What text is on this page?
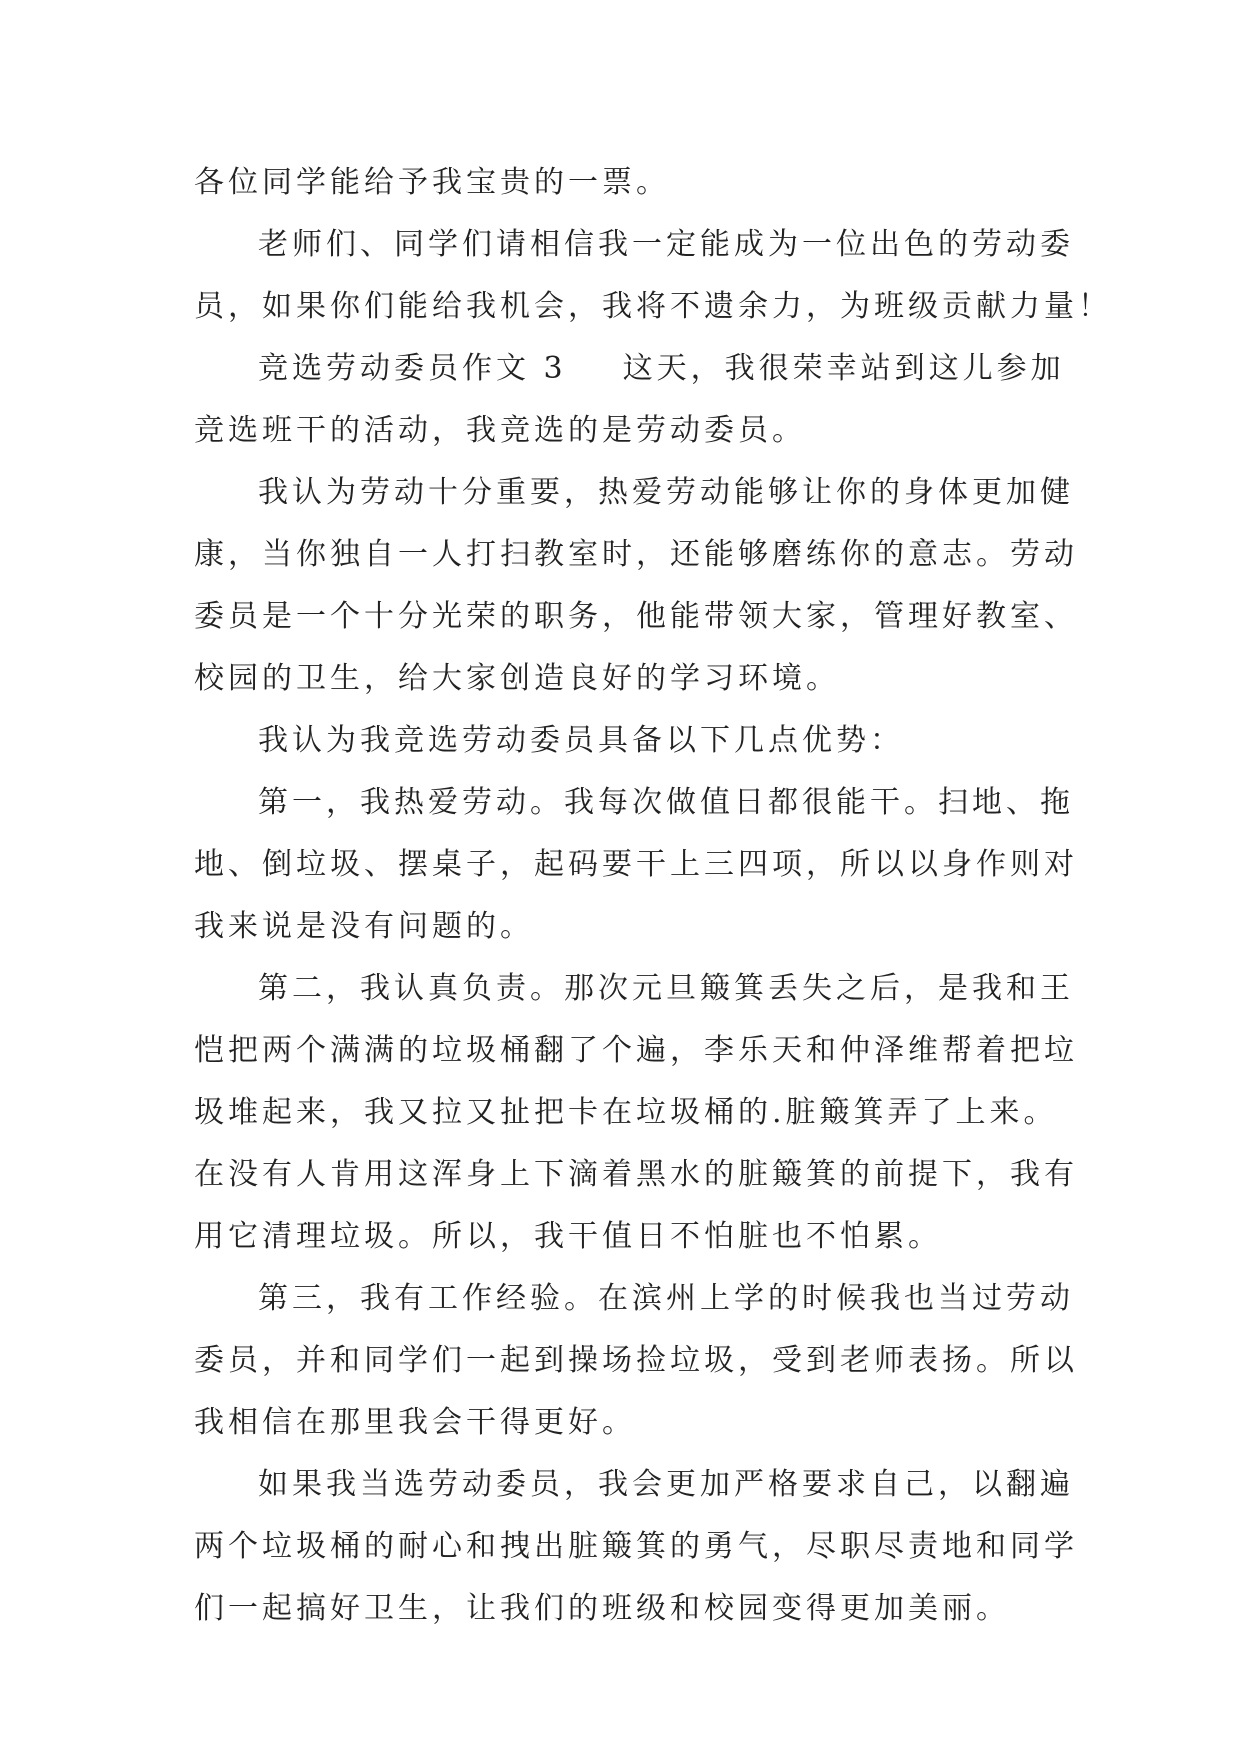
各位同学能给予我宝贵的一票。
老师们、同学们请相信我一定能成为一位出色的劳动委
员，如果你们能给我机会，我将不遗余力，为班级贡献力量！
竞选劳动委员作文 3 这天，我很荣幸站到这儿参加
竞选班干的活动，我竞选的是劳动委员。
我认为劳动十分重要，热爱劳动能够让你的身体更加健
康，当你独自一人打扫教室时，还能够磨练你的意志。劳动
委员是一个十分光荣的职务，他能带领大家，管理好教室、
校园的卫生，给大家创造良好的学习环境。
我认为我竞选劳动委员具备以下几点优势：
第一，我热爱劳动。我每次做值日都很能干。扫地、拖
地、倒垃圾、摆桌子，起码要干上三四项，所以以身作则对
我来说是没有问题的。
第二，我认真负责。那次元旦簸箕丢失之后，是我和王
恺把两个满满的垃圾桶翻了个遍，李乐天和仲泽维帮着把垃
圾堆起来，我又拉又扯把卡在垃圾桶的.脏簸箕弄了上来。
在没有人肯用这浑身上下滴着黑水的脏簸箕的前提下，我有
用它清理垃圾。所以，我干值日不怕脏也不怕累。
第三，我有工作经验。在滨州上学的时候我也当过劳动
委员，并和同学们一起到操场捡垃圾，受到老师表扬。所以
我相信在那里我会干得更好。
如果我当选劳动委员，我会更加严格要求自己，以翻遍
两个垃圾桶的耐心和拽出脏簸箕的勇气，尽职尽责地和同学
们一起搞好卫生，让我们的班级和校园变得更加美丽。
